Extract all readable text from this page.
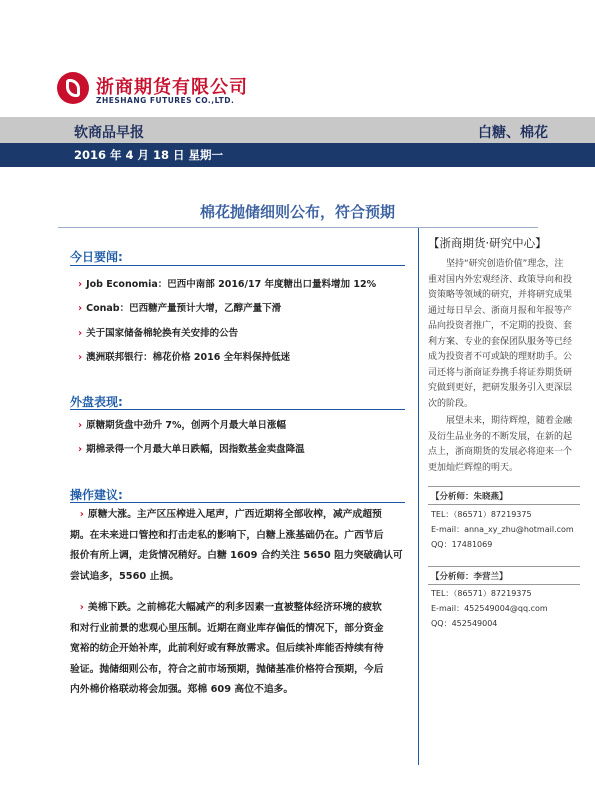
浙商期货有限公司
ZHESHANG FUTURES CO.,LTD.
软商品早报	白糖、棉花
2016 年 4 月 18 日 星期一
棉花抛储细则公布，符合预期
今日要闻:
› Job Economia：巴西中南部 2016/17 年度糖出口量料增加 12%
› Conab：巴西糖产量预计大增，乙醇产量下滑
› 关于国家储备棉轮换有关安排的公告
› 澳洲联邦银行：棉花价格 2016 全年料保持低迷
外盘表现:
› 原糖期货盘中劲升 7%，创两个月最大单日涨幅
› 期棉录得一个月最大单日跌幅，因指数基金卖盘降温
操作建议:
› 原糖大涨。主产区压榨进入尾声，广西近期将全部收榨，减产成超预
期。在未来进口管控和打击走私的影响下，白糖上涨基础仍在。广西节后
报价有所上调，走货情况稍好。白糖 1609 合约关注 5650 阻力突破确认可
尝试追多，5560 止损。
› 美棉下跌。之前棉花大幅减产的利多因素一直被整体经济环境的疲软
和对行业前景的悲观心里压制。近期在商业库存偏低的情况下，部分资金
宽裕的纺企开始补库，此前利好或有释放需求。但后续补库能否持续有待
验证。抛储细则公布，符合之前市场预期，抛储基准价格符合预期，今后
内外棉价格联动将会加强。郑棉 609 高位不追多。
【浙商期货·研究中心】
坚持“研究创造价值”理念，注
重对国内外宏观经济、政策导向和投
资策略等领域的研究，并将研究成果
通过每日早会、浙商月报和年报等产
品向投资者推广，不定期的投资、套
利方案、专业的套保团队服务等已经
成为投资者不可或缺的理财助手。公
司还将与浙商证券携手将证券期货研
究做到更好，把研发服务引入更深层
次的阶段。
展望未来，期待辉煌，随着金融
及衍生品业务的不断发展，在新的起
点上，浙商期货的发展必将迎来一个
更加灿烂辉煌的明天。
【分析师：朱晓燕】
TEL：（86571）87219375
E-mail：anna_xy_zhu@hotmail.com
QQ：17481069
【分析师：李营兰】
TEL：（86571）87219375
E-mail：452549004@qq.com
QQ：452549004
